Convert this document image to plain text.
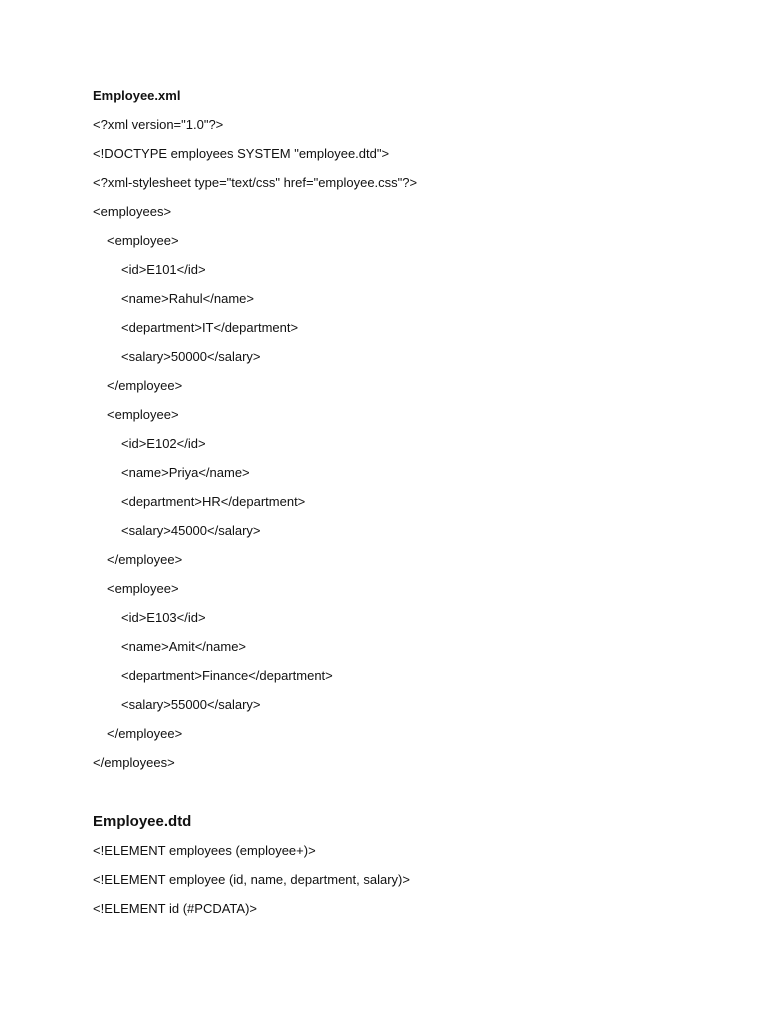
Employee.xml
<?xml version="1.0"?>
<!DOCTYPE employees SYSTEM "employee.dtd">
<?xml-stylesheet type="text/css" href="employee.css"?>
<employees>
<employee>
<id>E101</id>
<name>Rahul</name>
<department>IT</department>
<salary>50000</salary>
</employee>
<employee>
<id>E102</id>
<name>Priya</name>
<department>HR</department>
<salary>45000</salary>
</employee>
<employee>
<id>E103</id>
<name>Amit</name>
<department>Finance</department>
<salary>55000</salary>
</employee>
</employees>
Employee.dtd
<!ELEMENT employees (employee+)>
<!ELEMENT employee (id, name, department, salary)>
<!ELEMENT id (#PCDATA)>
